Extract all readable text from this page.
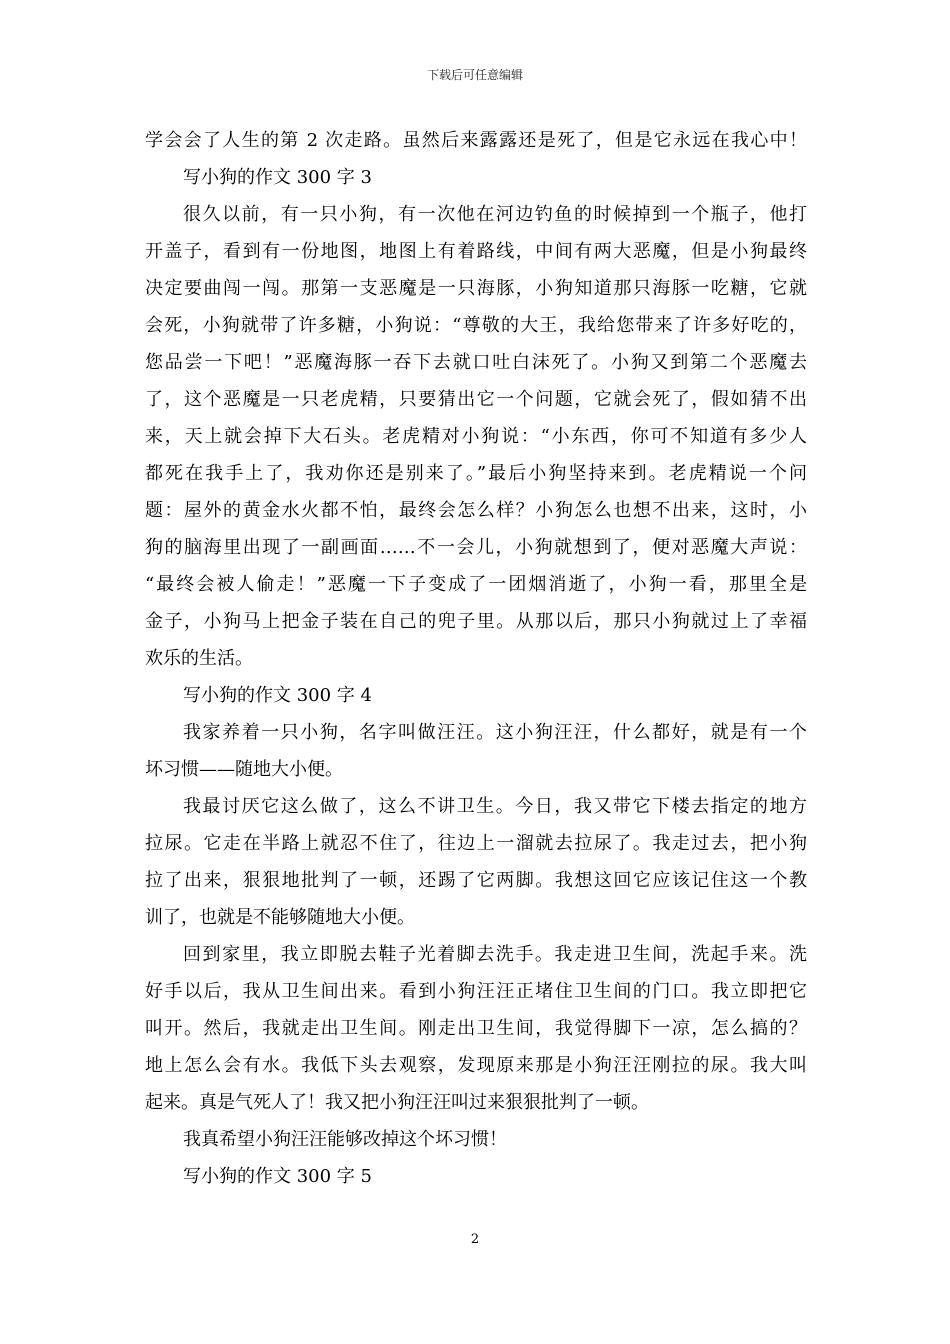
下载后可任意编辑
学会会了人生的第 2 次走路。虽然后来露露还是死了，但是它永远在我心中！
写小狗的作文 300 字 3
很久以前，有一只小狗，有一次他在河边钓鱼的时候掉到一个瓶子，他打
开盖子，看到有一份地图，地图上有着路线，中间有两大恶魔，但是小狗最终
决定要曲闯一闯。那第一支恶魔是一只海豚，小狗知道那只海豚一吃糖，它就
会死，小狗就带了许多糖，小狗说：“尊敬的大王，我给您带来了许多好吃的，
您品尝一下吧！”恶魔海豚一吞下去就口吐白沫死了。小狗又到第二个恶魔去
了，这个恶魔是一只老虎精，只要猜出它一个问题，它就会死了，假如猜不出
来，天上就会掉下大石头。老虎精对小狗说：“小东西，你可不知道有多少人
都死在我手上了，我劝你还是别来了。”最后小狗坚持来到。老虎精说一个问
题：屋外的黄金水火都不怕，最终会怎么样？小狗怎么也想不出来，这时，小
狗的脑海里出现了一副画面……不一会儿，小狗就想到了，便对恶魔大声说：
“最终会被人偷走！”恶魔一下子变成了一团烟消逝了，小狗一看，那里全是
金子，小狗马上把金子装在自己的兜子里。从那以后，那只小狗就过上了幸福
欢乐的生活。
写小狗的作文 300 字 4
我家养着一只小狗，名字叫做汪汪。这小狗汪汪，什么都好，就是有一个
坏习惯——随地大小便。
我最讨厌它这么做了，这么不讲卫生。今日，我又带它下楼去指定的地方
拉尿。它走在半路上就忍不住了，往边上一溜就去拉尿了。我走过去，把小狗
拉了出来，狠狠地批判了一顿，还踢了它两脚。我想这回它应该记住这一个教
训了，也就是不能够随地大小便。
回到家里，我立即脱去鞋子光着脚去洗手。我走进卫生间，洗起手来。洗
好手以后，我从卫生间出来。看到小狗汪汪正堵住卫生间的门口。我立即把它
叫开。然后，我就走出卫生间。刚走出卫生间，我觉得脚下一凉，怎么搞的？
地上怎么会有水。我低下头去观察，发现原来那是小狗汪汪刚拉的尿。我大叫
起来。真是气死人了！我又把小狗汪汪叫过来狠狠批判了一顿。
我真希望小狗汪汪能够改掉这个坏习惯！
写小狗的作文 300 字 5
2
